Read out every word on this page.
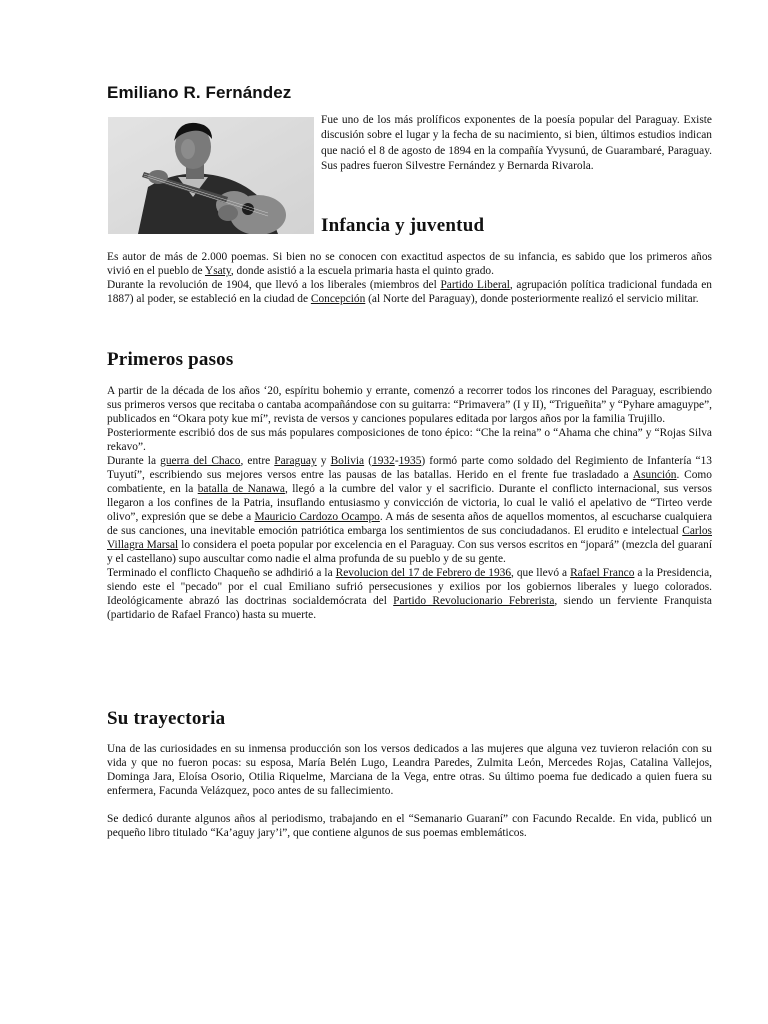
Emiliano R. Fernández

Fue uno de los más prolíficos exponentes de la poesía popular del Paraguay. Existe discusión sobre el lugar y la fecha de su nacimiento, si bien, últimos estudios indican que nació el 8 de agosto de 1894 en la compañía Yvysunú, de Guarambaré, Paraguay. Sus padres fueron Silvestre Fernández y Bernarda Rivarola.

Infancia y juventud

Es autor de más de 2.000 poemas. Si bien no se conocen con exactitud aspectos de su infancia, es sabido que los primeros años vivió en el pueblo de Ysaty, donde asistió a la escuela primaria hasta el quinto grado.

Durante la revolución de 1904, que llevó a los liberales (miembros del Partido Liberal, agrupación política tradicional fundada en 1887) al poder, se estableció en la ciudad de Concepción (al Norte del Paraguay), donde posteriormente realizó el servicio militar.

Primeros pasos

A partir de la década de los años ‘20, espíritu bohemio y errante, comenzó a recorrer todos los rincones del Paraguay, escribiendo sus primeros versos que recitaba o cantaba acompañándose con su guitarra: “Primavera” (I y II), “Trigueñita” y “Pyhare amaguype”, publicados en “Okara poty kue mí”, revista de versos y canciones populares editada por largos años por la familia Trujillo.

Posteriormente escribió dos de sus más populares composiciones de tono épico: “Che la reina” o “Ahama che china” y “Rojas Silva rekavo”.

Durante la guerra del Chaco, entre Paraguay y Bolivia (1932-1935) formó parte como soldado del Regimiento de Infantería “13 Tuyutí”, escribiendo sus mejores versos entre las pausas de las batallas. Herido en el frente fue trasladado a Asunción. Como combatiente, en la batalla de Nanawa, llegó a la cumbre del valor y el sacrificio. Durante el conflicto internacional, sus versos llegaron a los confines de la Patria, insuflando entusiasmo y convicción de victoria, lo cual le valió el apelativo de “Tirteo verde olivo”, expresión que se debe a Mauricio Cardozo Ocampo. A más de sesenta años de aquellos momentos, al escucharse cualquiera de sus canciones, una inevitable emoción patriótica embarga los sentimientos de sus conciudadanos. El erudito e intelectual Carlos Villagra Marsal lo considera el poeta popular por excelencia en el Paraguay. Con sus versos escritos en “jopará” (mezcla del guaraní y el castellano) supo auscultar como nadie el alma profunda de su pueblo y de su gente.

Terminado el conflicto Chaqueño se adhdirió a la Revolucion del 17 de Febrero de 1936, que llevó a Rafael Franco a la Presidencia, siendo este el "pecado" por el cual Emiliano sufrió persecusiones y exilios por los gobiernos liberales y luego colorados. Ideológicamente abrazó las doctrinas socialdemócrata del Partido Revolucionario Febrerista, siendo un ferviente Franquista (partidario de Rafael Franco) hasta su muerte.

Su trayectoria

Una de las curiosidades en su inmensa producción son los versos dedicados a las mujeres que alguna vez tuvieron relación con su vida y que no fueron pocas: su esposa, María Belén Lugo, Leandra Paredes, Zulmita León, Mercedes Rojas, Catalina Vallejos, Dominga Jara, Eloísa Osorio, Otilia Riquelme, Marciana de la Vega, entre otras. Su último poema fue dedicado a quien fuera su enfermera, Facunda Velázquez, poco antes de su fallecimiento.

Se dedicó durante algunos años al periodismo, trabajando en el “Semanario Guaraní” con Facundo Recalde. En vida, publicó un pequeño libro titulado “Ka’aguy jary’i”, que contiene algunos de sus poemas emblemáticos.
